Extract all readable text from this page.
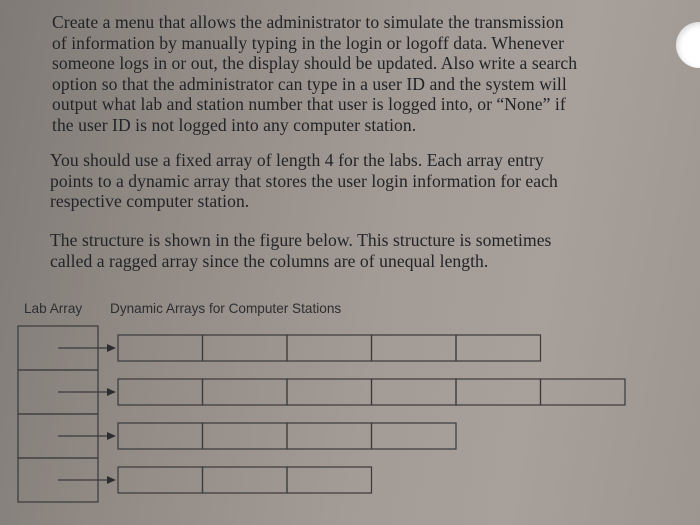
Create a menu that allows the administrator to simulate the transmission
of information by manually typing in the login or logoff data. Whenever
someone logs in or out, the display should be updated. Also write a search
option so that the administrator can type in a user ID and the system will
output what lab and station number that user is logged into, or “None” if
the user ID is not logged into any computer station.

You should use a fixed array of length 4 for the labs. Each array entry
points to a dynamic array that stores the user login information for each
respective computer station.

The structure is shown in the figure below. This structure is sometimes
called a ragged array since the columns are of unequal length.

Lab Array Dynamic Arrays for Computer Stations
